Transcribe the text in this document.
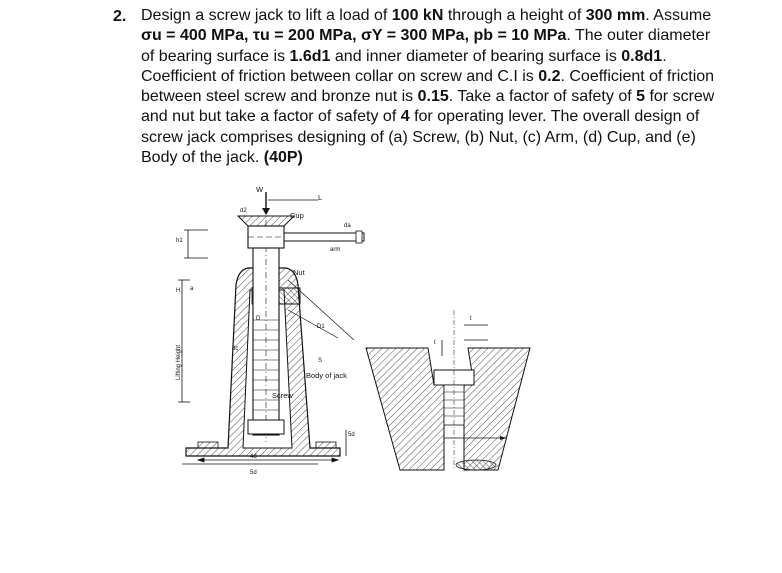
2. Design a screw jack to lift a load of 100 kN through a height of 300 mm. Assume σu = 400 MPa, τu = 200 MPa, σY = 300 MPa, pb = 10 MPa. The outer diameter of bearing surface is 1.6d1 and inner diameter of bearing surface is 0.8d1. Coefficient of friction between collar on screw and C.I is 0.2. Coefficient of friction between steel screw and bronze nut is 0.15. Take a factor of safety of 5 for screw and nut but take a factor of safety of 4 for operating lever. The overall design of screw jack comprises designing of (a) Screw, (b) Nut, (c) Arm, (d) Cup, and (e) Body of the jack. (40P)
W
L
Cup
d2
da
arm
Nut
D1
D
dc
S
Body of jack
Screw
Lifting Height
h1
H a
4d
5d
5d
t
t
